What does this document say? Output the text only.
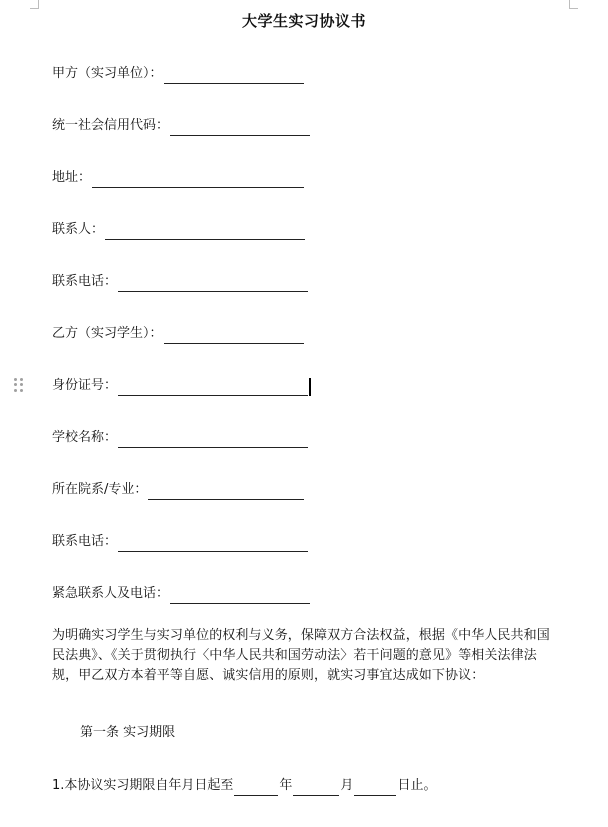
大学生实习协议书
甲方（实习单位）：
统一社会信用代码：
地址：
联系人：
联系电话：
乙方（实习学生）：
身份证号：
学校名称：
所在院系/专业：
联系电话：
紧急联系人及电话：
为明确实习学生与实习单位的权利与义务，保障双方合法权益，根据《中华人民共和国民法典》、《关于贯彻执行〈中华人民共和国劳动法〉若干问题的意见》等相关法律法规，甲乙双方本着平等自愿、诚实信用的原则，就实习事宜达成如下协议：
第一条 实习期限
1.本协议实习期限自年月日起至	年	月	日止。
